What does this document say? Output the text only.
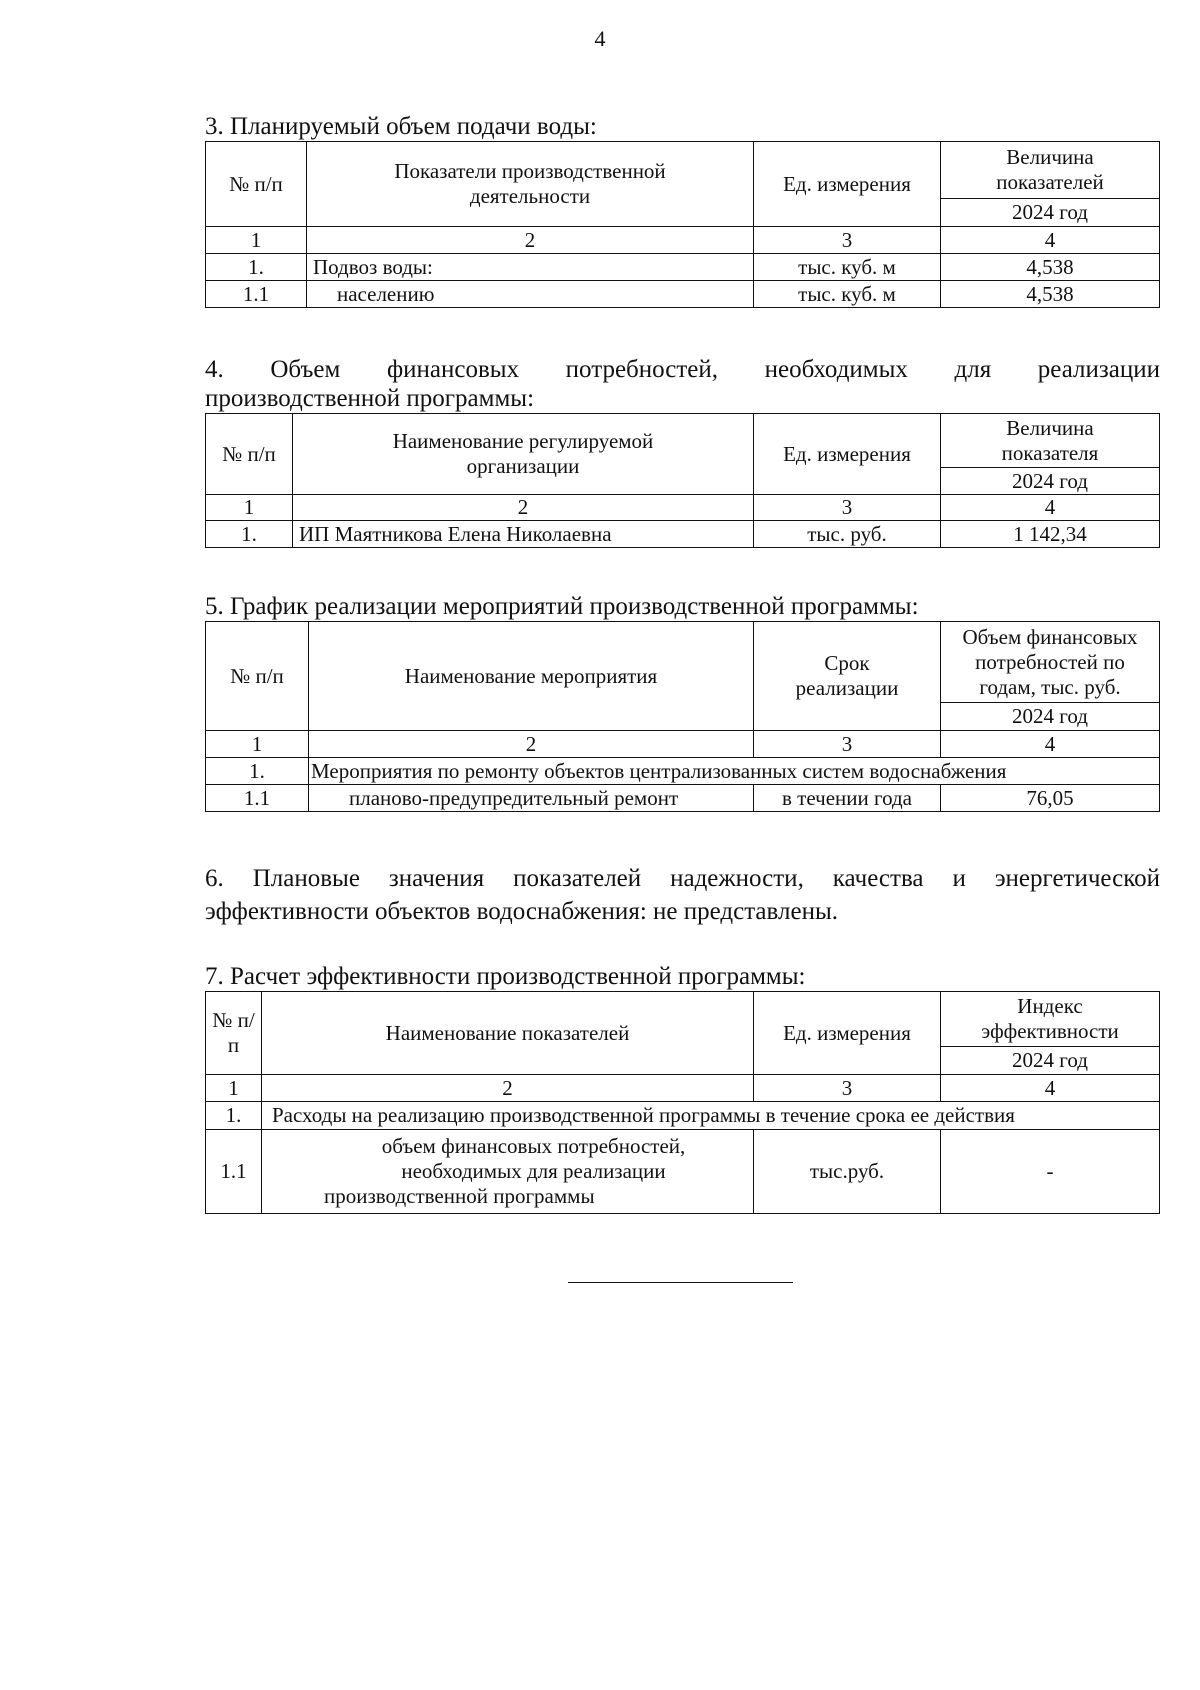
4

3. Планируемый объем подачи воды:

№ п/п	Показатели производственной деятельности	Ед. измерения	Величина показателей
			2024 год
1	2	3	4
1.	Подвоз воды:	тыс. куб. м	4,538
1.1	населению	тыс. куб. м	4,538

4. Объем финансовых потребностей, необходимых для реализации

производственной программы:

№ п/п	Наименование регулируемой организации	Ед. измерения	Величина показателя
			2024 год
1	2	3	4
1.	ИП Маятникова Елена Николаевна	тыс. руб.	1 142,34

5. График реализации мероприятий производственной программы:

№ п/п	Наименование мероприятия	Срок реализации	Объем финансовых потребностей по годам, тыс. руб.
			2024 год
1	2	3	4
1.	Мероприятия по ремонту объектов централизованных систем водоснабжения		
1.1	планово-предупредительный ремонт	в течении года	76,05

6. Плановые значения показателей надежности, качества и энергетической

эффективности объектов водоснабжения: не представлены.

7. Расчет эффективности производственной программы:

№ п/п	Наименование показателей	Ед. измерения	Индекс эффективности
			2024 год
1	2	3	4
1.	Расходы на реализацию производственной программы в течение срока ее действия		
1.1	объем финансовых потребностей, необходимых для реализации производственной программы	тыс.руб.	-
